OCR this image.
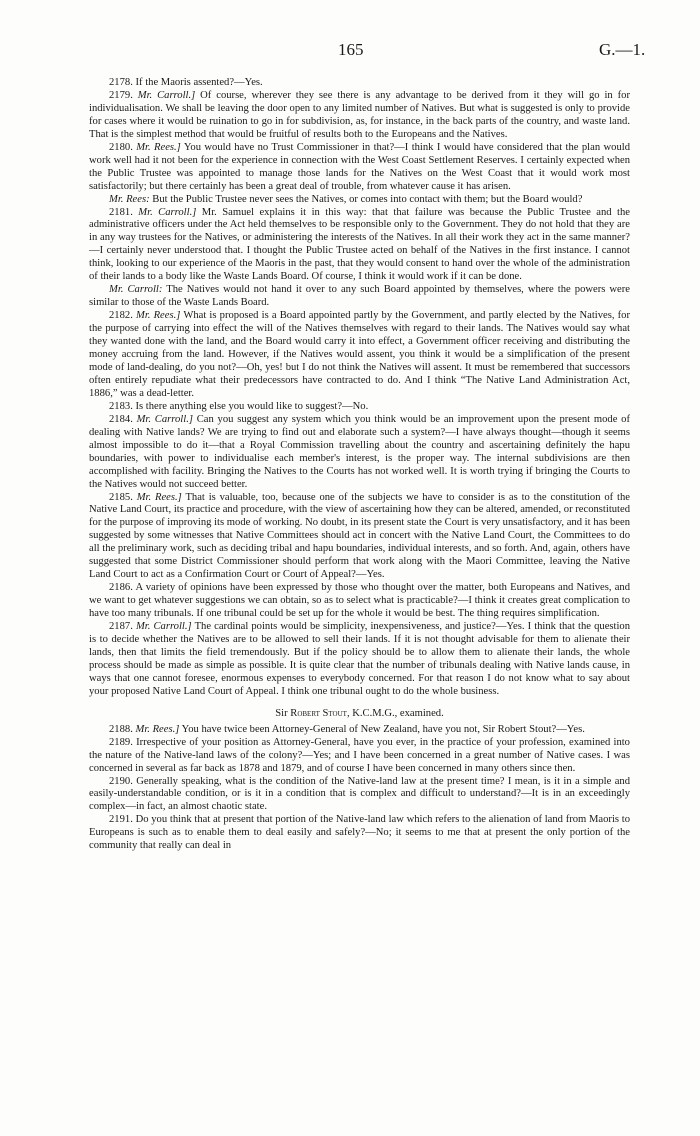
165	G.—1.

2178. If the Maoris assented?—Yes.

2179. Mr. Carroll.] Of course, wherever they see there is any advantage to be derived from it they will go in for individualisation. We shall be leaving the door open to any limited number of Natives. But what is suggested is only to provide for cases where it would be ruination to go in for subdivision, as, for instance, in the back parts of the country, and waste land. That is the simplest method that would be fruitful of results both to the Europeans and the Natives.

2180. Mr. Rees.] You would have no Trust Commissioner in that?—I think I would have considered that the plan would work well had it not been for the experience in connection with the West Coast Settlement Reserves. I certainly expected when the Public Trustee was appointed to manage those lands for the Natives on the West Coast that it would work most satisfactorily; but there certainly has been a great deal of trouble, from whatever cause it has arisen.

Mr. Rees: But the Public Trustee never sees the Natives, or comes into contact with them; but the Board would?

2181. Mr. Carroll.] Mr. Samuel explains it in this way: that that failure was because the Public Trustee and the administrative officers under the Act held themselves to be responsible only to the Government. They do not hold that they are in any way trustees for the Natives, or administering the interests of the Natives. In all their work they act in the same manner?—I certainly never understood that. I thought the Public Trustee acted on behalf of the Natives in the first instance. I cannot think, looking to our experience of the Maoris in the past, that they would consent to hand over the whole of the administration of their lands to a body like the Waste Lands Board. Of course, I think it would work if it can be done.

Mr. Carroll: The Natives would not hand it over to any such Board appointed by themselves, where the powers were similar to those of the Waste Lands Board.

2182. Mr. Rees.] What is proposed is a Board appointed partly by the Government, and partly elected by the Natives, for the purpose of carrying into effect the will of the Natives themselves with regard to their lands. The Natives would say what they wanted done with the land, and the Board would carry it into effect, a Government officer receiving and distributing the money accruing from the land. However, if the Natives would assent, you think it would be a simplification of the present mode of land-dealing, do you not?—Oh, yes! but I do not think the Natives will assent. It must be remembered that successors often entirely repudiate what their predecessors have contracted to do. And I think “The Native Land Administration Act, 1886,” was a dead-letter.

2183. Is there anything else you would like to suggest?—No.

2184. Mr. Carroll.] Can you suggest any system which you think would be an improvement upon the present mode of dealing with Native lands? We are trying to find out and elaborate such a system?—I have always thought—though it seems almost impossible to do it—that a Royal Commission travelling about the country and ascertaining definitely the hapu boundaries, with power to individualise each member's interest, is the proper way. The internal subdivisions are then accomplished with facility. Bringing the Natives to the Courts has not worked well. It is worth trying if bringing the Courts to the Natives would not succeed better.

2185. Mr. Rees.] That is valuable, too, because one of the subjects we have to consider is as to the constitution of the Native Land Court, its practice and procedure, with the view of ascertaining how they can be altered, amended, or reconstituted for the purpose of improving its mode of working. No doubt, in its present state the Court is very unsatisfactory, and it has been suggested by some witnesses that Native Committees should act in concert with the Native Land Court, the Committees to do all the preliminary work, such as deciding tribal and hapu boundaries, individual interests, and so forth. And, again, others have suggested that some District Commissioner should perform that work along with the Maori Committee, leaving the Native Land Court to act as a Confirmation Court or Court of Appeal?—Yes.

2186. A variety of opinions have been expressed by those who thought over the matter, both Europeans and Natives, and we want to get whatever suggestions we can obtain, so as to select what is practicable?—I think it creates great complication to have too many tribunals. If one tribunal could be set up for the whole it would be best. The thing requires simplification.

2187. Mr. Carroll.] The cardinal points would be simplicity, inexpensiveness, and justice?—Yes. I think that the question is to decide whether the Natives are to be allowed to sell their lands. If it is not thought advisable for them to alienate their lands, then that limits the field tremendously. But if the policy should be to allow them to alienate their lands, the whole process should be made as simple as possible. It is quite clear that the number of tribunals dealing with Native lands cause, in ways that one cannot foresee, enormous expenses to everybody concerned. For that reason I do not know what to say about your proposed Native Land Court of Appeal. I think one tribunal ought to do the whole business.

Sir Robert Stout, K.C.M.G., examined.

2188. Mr. Rees.] You have twice been Attorney-General of New Zealand, have you not, Sir Robert Stout?—Yes.

2189. Irrespective of your position as Attorney-General, have you ever, in the practice of your profession, examined into the nature of the Native-land laws of the colony?—Yes; and I have been concerned in a great number of Native cases. I was concerned in several as far back as 1878 and 1879, and of course I have been concerned in many others since then.

2190. Generally speaking, what is the condition of the Native-land law at the present time? I mean, is it in a simple and easily-understandable condition, or is it in a condition that is complex and difficult to understand?—It is in an exceedingly complex—in fact, an almost chaotic state.

2191. Do you think that at present that portion of the Native-land law which refers to the alienation of land from Maoris to Europeans is such as to enable them to deal easily and safely?—No; it seems to me that at present the only portion of the community that really can deal in
